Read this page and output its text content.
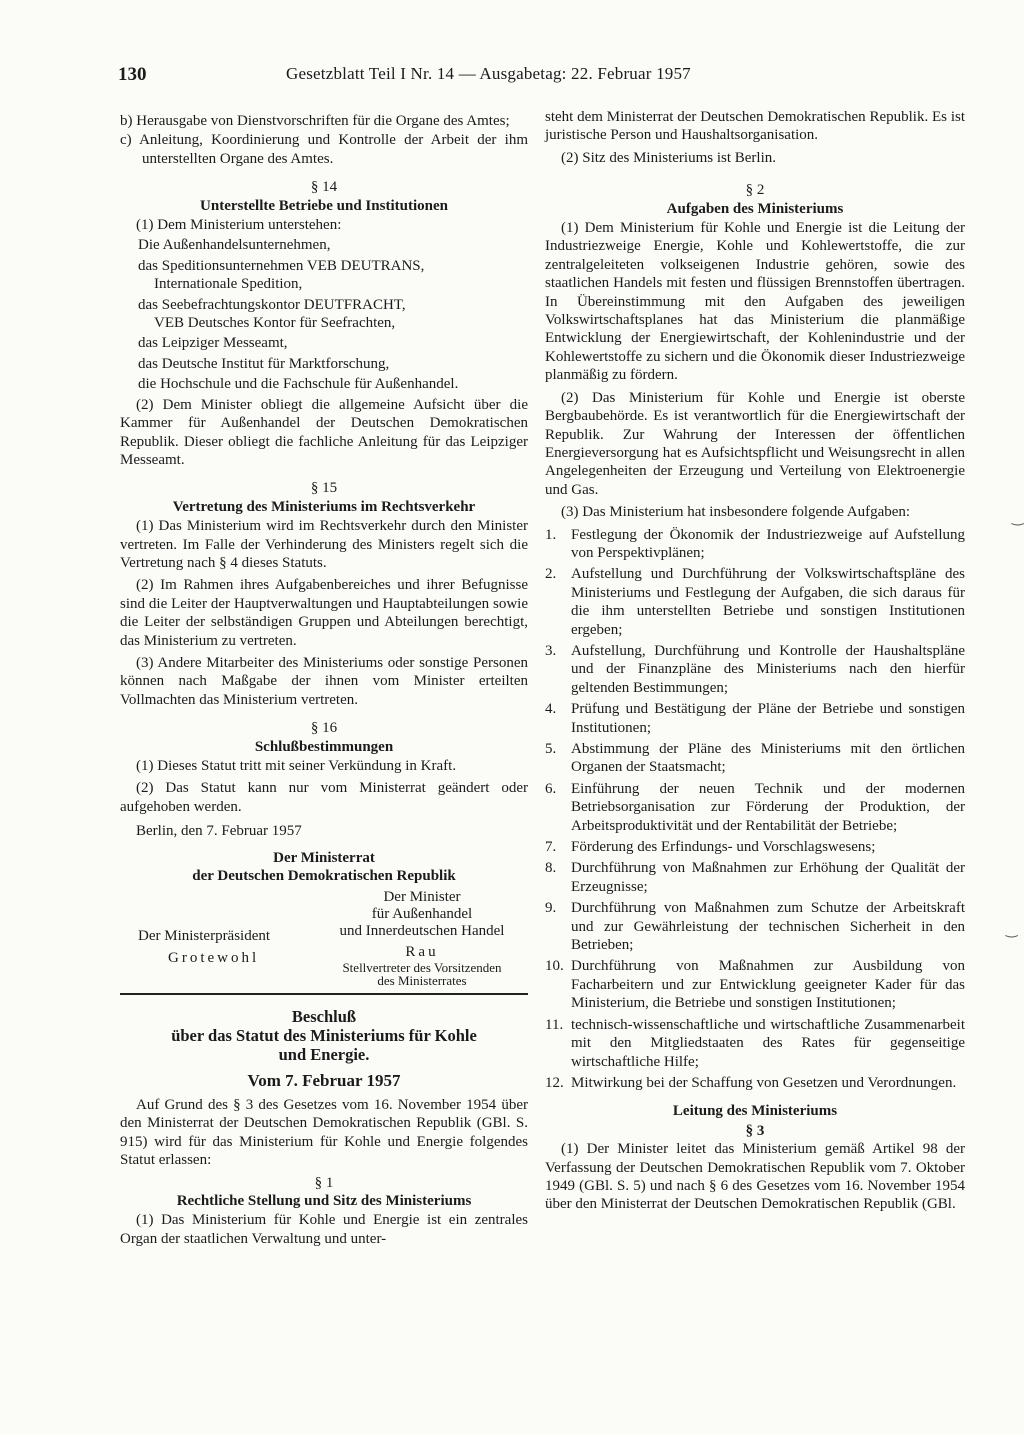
130	Gesetzblatt Teil I Nr. 14 — Ausgabetag: 22. Februar 1957

b) Herausgabe von Dienstvorschriften für die Organe des Amtes;

c) Anleitung, Koordinierung und Kontrolle der Arbeit der ihm unterstellten Organe des Amtes.

§ 14

Unterstellte Betriebe und Institutionen

(1) Dem Ministerium unterstehen:

Die Außenhandelsunternehmen,

das Speditionsunternehmen VEB DEUTRANS,

Internationale Spedition,

das Seebefrachtungskontor DEUTFRACHT,

VEB Deutsches Kontor für Seefrachten,

das Leipziger Messeamt,

das Deutsche Institut für Marktforschung,

die Hochschule und die Fachschule für Außenhandel.

(2) Dem Minister obliegt die allgemeine Aufsicht über die Kammer für Außenhandel der Deutschen Demokratischen Republik. Dieser obliegt die fachliche Anleitung für das Leipziger Messeamt.

§ 15

Vertretung des Ministeriums im Rechtsverkehr

(1) Das Ministerium wird im Rechtsverkehr durch den Minister vertreten. Im Falle der Verhinderung des Ministers regelt sich die Vertretung nach § 4 dieses Statuts.

(2) Im Rahmen ihres Aufgabenbereiches und ihrer Befugnisse sind die Leiter der Hauptverwaltungen und Hauptabteilungen sowie die Leiter der selbständigen Gruppen und Abteilungen berechtigt, das Ministerium zu vertreten.

(3) Andere Mitarbeiter des Ministeriums oder sonstige Personen können nach Maßgabe der ihnen vom Minister erteilten Vollmachten das Ministerium vertreten.

§ 16

Schlußbestimmungen

(1) Dieses Statut tritt mit seiner Verkündung in Kraft.

(2) Das Statut kann nur vom Ministerrat geändert oder aufgehoben werden.

Berlin, den 7. Februar 1957

Der Ministerrat

der Deutschen Demokratischen Republik

Der Minister
für Außenhandel
und Innerdeutschen Handel
Rau
Stellvertreter des Vorsitzenden
des Ministerrates
Der Ministerpräsident
Grotewohl

Beschluß

über das Statut des Ministeriums für Kohle

und Energie.

Vom 7. Februar 1957

Auf Grund des § 3 des Gesetzes vom 16. November 1954 über den Ministerrat der Deutschen Demokratischen Republik (GBl. S. 915) wird für das Ministerium für Kohle und Energie folgendes Statut erlassen:

§ 1

Rechtliche Stellung und Sitz des Ministeriums

(1) Das Ministerium für Kohle und Energie ist ein zentrales Organ der staatlichen Verwaltung und unter-

steht dem Ministerrat der Deutschen Demokratischen Republik. Es ist juristische Person und Haushaltsorganisation.

(2) Sitz des Ministeriums ist Berlin.

§ 2

Aufgaben des Ministeriums

(1) Dem Ministerium für Kohle und Energie ist die Leitung der Industriezweige Energie, Kohle und Kohlewertstoffe, die zur zentralgeleiteten volkseigenen Industrie gehören, sowie des staatlichen Handels mit festen und flüssigen Brennstoffen übertragen. In Übereinstimmung mit den Aufgaben des jeweiligen Volkswirtschaftsplanes hat das Ministerium die planmäßige Entwicklung der Energiewirtschaft, der Kohlenindustrie und der Kohlewertstoffe zu sichern und die Ökonomik dieser Industriezweige planmäßig zu fördern.

(2) Das Ministerium für Kohle und Energie ist oberste Bergbaubehörde. Es ist verantwortlich für die Energiewirtschaft der Republik. Zur Wahrung der Interessen der öffentlichen Energieversorgung hat es Aufsichtspflicht und Weisungsrecht in allen Angelegenheiten der Erzeugung und Verteilung von Elektroenergie und Gas.

(3) Das Ministerium hat insbesondere folgende Aufgaben:

1. Festlegung der Ökonomik der Industriezweige auf Aufstellung von Perspektivplänen;
2. Aufstellung und Durchführung der Volkswirtschaftspläne des Ministeriums und Festlegung der Aufgaben, die sich daraus für die ihm unterstellten Betriebe und sonstigen Institutionen ergeben;
3. Aufstellung, Durchführung und Kontrolle der Haushaltspläne und der Finanzpläne des Ministeriums nach den hierfür geltenden Bestimmungen;
4. Prüfung und Bestätigung der Pläne der Betriebe und sonstigen Institutionen;
5. Abstimmung der Pläne des Ministeriums mit den örtlichen Organen der Staatsmacht;
6. Einführung der neuen Technik und der modernen Betriebsorganisation zur Förderung der Produktion, der Arbeitsproduktivität und der Rentabilität der Betriebe;
7. Förderung des Erfindungs- und Vorschlagswesens;
8. Durchführung von Maßnahmen zur Erhöhung der Qualität der Erzeugnisse;
9. Durchführung von Maßnahmen zum Schutze der Arbeitskraft und zur Gewährleistung der technischen Sicherheit in den Betrieben;
10. Durchführung von Maßnahmen zur Ausbildung von Facharbeitern und zur Entwicklung geeigneter Kader für das Ministerium, die Betriebe und sonstigen Institutionen;
11. technisch-wissenschaftliche und wirtschaftliche Zusammenarbeit mit den Mitgliedstaaten des Rates für gegenseitige wirtschaftliche Hilfe;
12. Mitwirkung bei der Schaffung von Gesetzen und Verordnungen.

Leitung des Ministeriums

§ 3

(1) Der Minister leitet das Ministerium gemäß Artikel 98 der Verfassung der Deutschen Demokratischen Republik vom 7. Oktober 1949 (GBl. S. 5) und nach § 6 des Gesetzes vom 16. November 1954 über den Ministerrat der Deutschen Demokratischen Republik (GBl.

‿
‿
